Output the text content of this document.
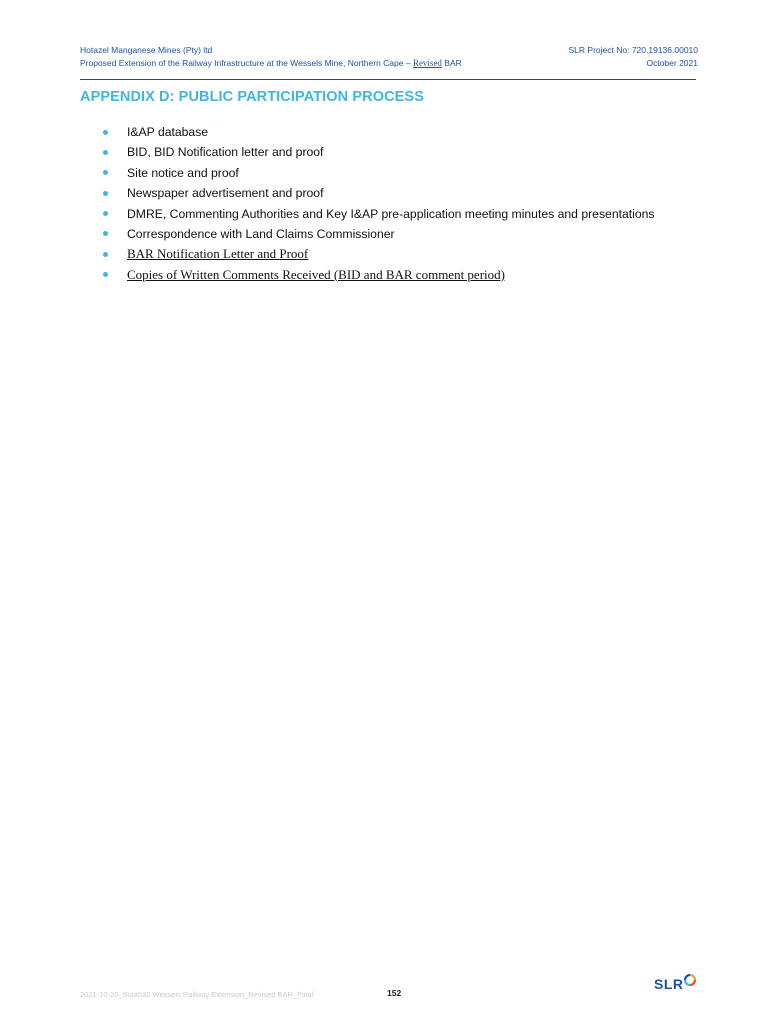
Hotazel Manganese Mines (Pty) ltd
Proposed Extension of the Railway Infrastructure at the Wessels Mine, Northern Cape – Revised BAR
SLR Project No: 720.19136.00010
October 2021
APPENDIX D: PUBLIC PARTICIPATION PROCESS
I&AP database
BID, BID Notification letter and proof
Site notice and proof
Newspaper advertisement and proof
DMRE, Commenting Authorities and Key I&AP pre-application meeting minutes and presentations
Correspondence with Land Claims Commissioner
BAR Notification Letter and Proof
Copies of Written Comments Received (BID and BAR comment period)
2021-10-20_South32 Wessels Railway Extension_Revised BAR_Final	152
SLR
